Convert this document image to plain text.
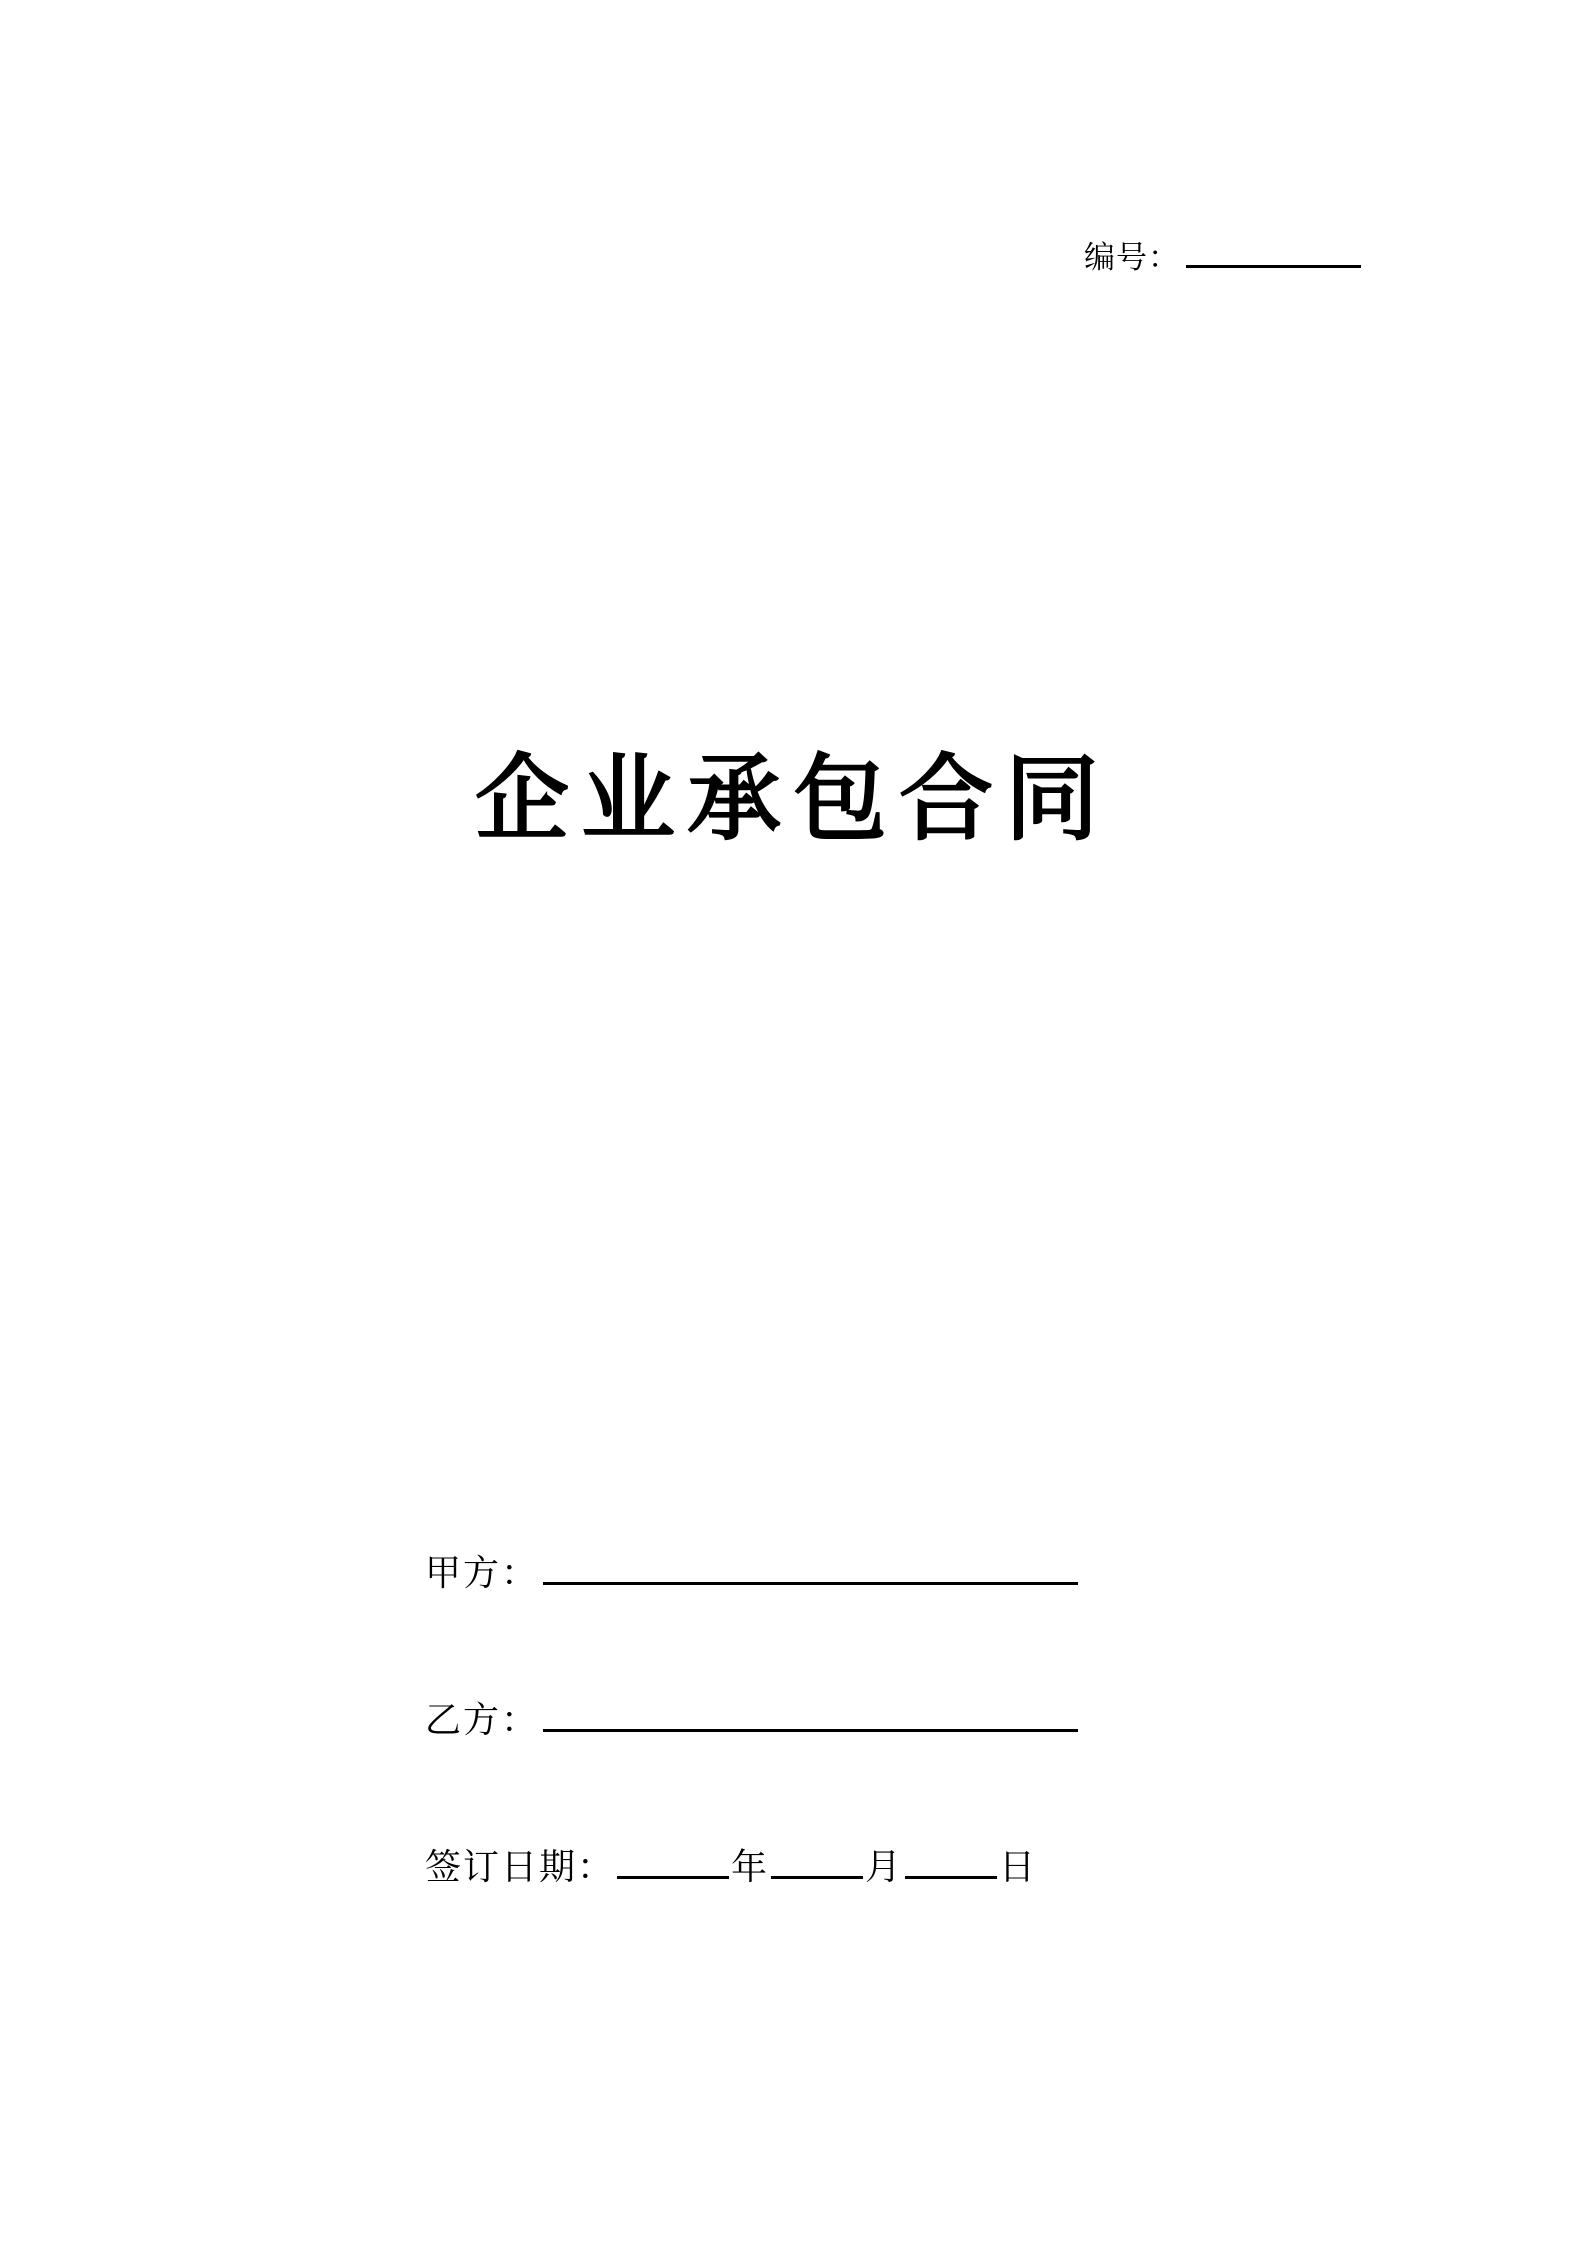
编号：
企业承包合同
甲方：
乙方：
签订日期：	年	月	日
